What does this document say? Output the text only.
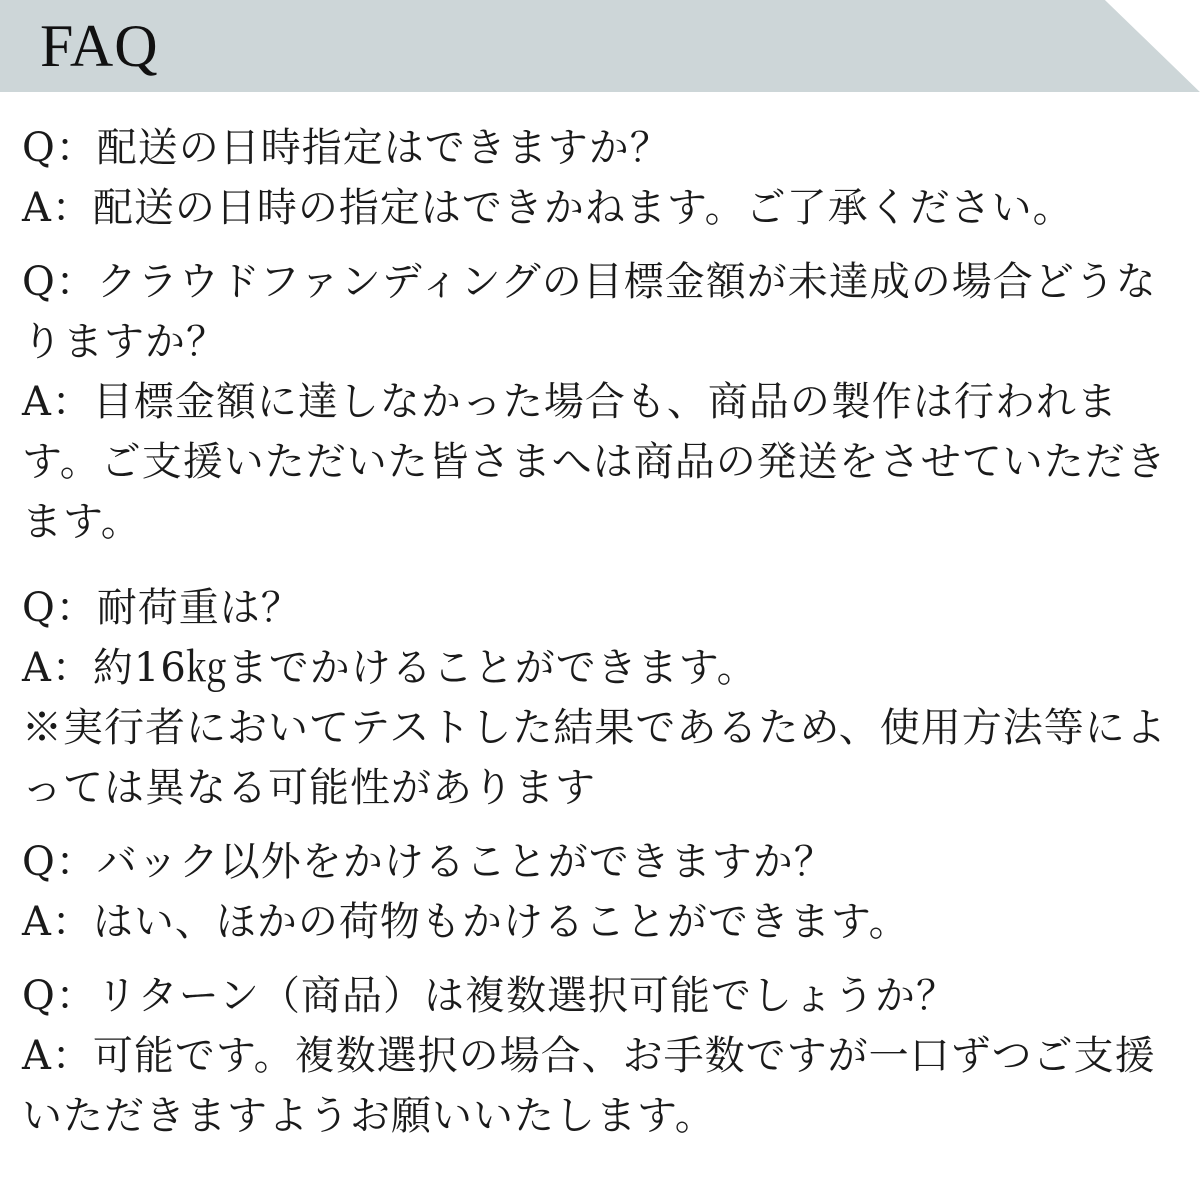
FAQ
Q：配送の日時指定はできますか？
A：配送の日時の指定はできかねます。ご了承ください。
Q：クラウドファンディングの目標金額が未達成の場合どうなりますか？
A：目標金額に達しなかった場合も、商品の製作は行われます。ご支援いただいた皆さまへは商品の発送をさせていただきます。
Q：耐荷重は？
A：約16㎏までかけることができます。
※実行者においてテストした結果であるため、使用方法等によっては異なる可能性があります
Q：バック以外をかけることができますか？
A：はい、ほかの荷物もかけることができます。
Q：リターン（商品）は複数選択可能でしょうか？
A：可能です。複数選択の場合、お手数ですが一口ずつご支援いただきますようお願いいたします。
